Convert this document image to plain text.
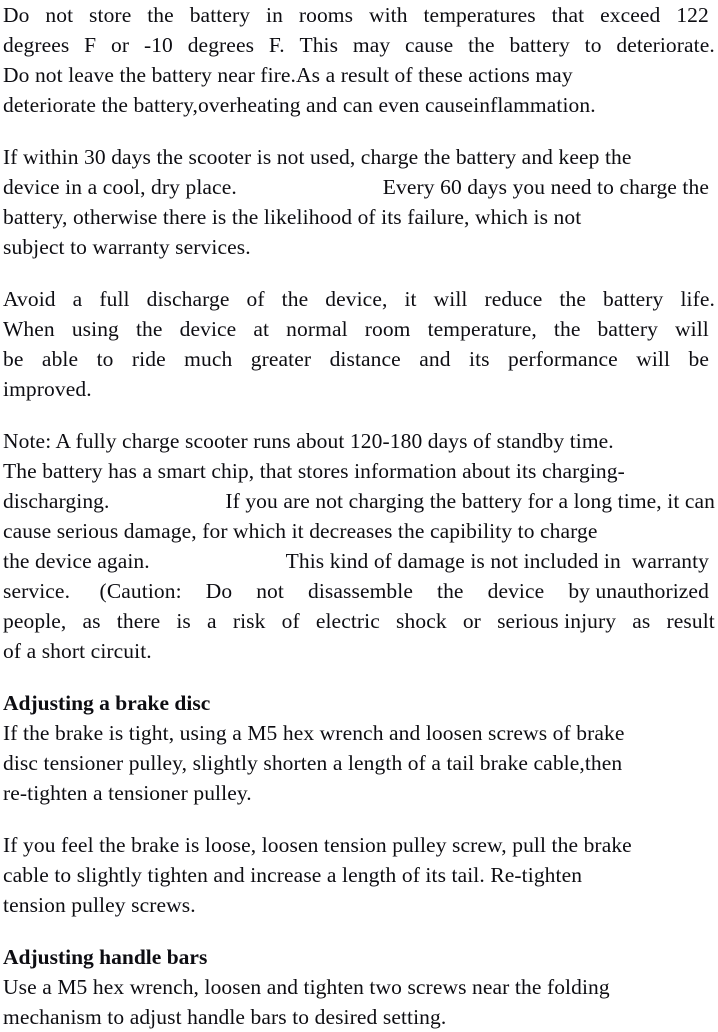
Do not store the battery in rooms with temperatures that exceed 122
degrees F or -10 degrees F. This may cause the battery to deteriorate.
Do not leave the battery near fire.As a result of these actions may
deteriorate the battery,overheating and can even causeinflammation.
If within 30 days the scooter is not used, charge the battery and keep the
device in a cool, dry place.	Every 60 days you need to charge the
battery, otherwise there is the likelihood of its failure, which is not
subject to warranty services.
Avoid a full discharge of the device, it will reduce the battery life.
When using the device at normal room temperature, the battery will
be able to ride much greater distance and its performance will be
improved.
Note: A fully charge scooter runs about 120-180 days of standby time.
The battery has a smart chip, that stores information about its charging-
discharging.	If you are not charging the battery for a long time, it can
cause serious damage, for which it decreases the capibility to charge
the device again.	This kind of damage is not included in  warranty
service. (Caution: Do not disassemble the device by unauthorized
people, as there is a risk of electric shock or serious injury as result
of a short circuit.
Adjusting a brake disc
If the brake is tight, using a M5 hex wrench and loosen screws of brake
disc tensioner pulley, slightly shorten a length of a tail brake cable,then
re-tighten a tensioner pulley.
If you feel the brake is loose, loosen tension pulley screw, pull the brake
cable to slightly tighten and increase a length of its tail. Re-tighten
tension pulley screws.
Adjusting handle bars
Use a M5 hex wrench, loosen and tighten two screws near the folding
mechanism to adjust handle bars to desired setting.
